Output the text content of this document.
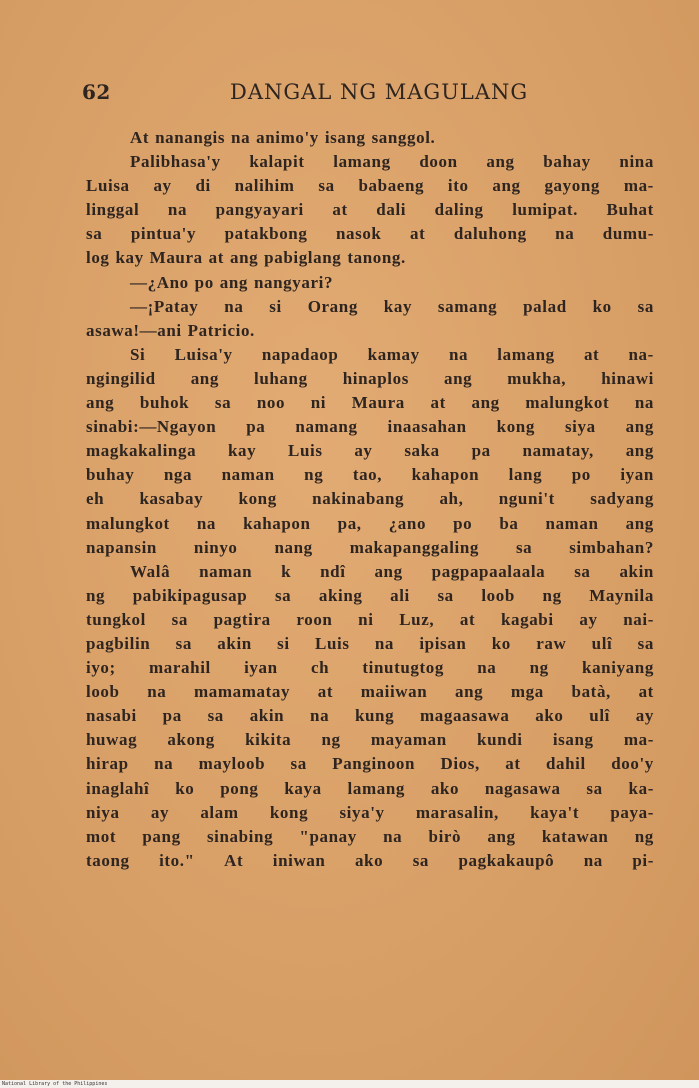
62	DANGAL NG MAGULANG
At nanangis na animo'y isang sanggol.
Palibhasa'y kalapit lamang doon ang bahay nina
Luisa ay di nalihim sa babaeng ito ang gayong ma-
linggal na pangyayari at dali daling lumipat. Buhat
sa pintua'y patakbong nasok at daluhong na dumu-
log kay Maura at ang pabiglang tanong.
—¿Ano po ang nangyari?
—¡Patay na si Orang kay samang palad ko sa
asawa!—ani Patricio.
Si Luisa'y napadaop kamay na lamang at na-
ngingilid ang luhang hinaplos ang mukha, hinawi
ang buhok sa noo ni Maura at ang malungkot na
sinabi:—Ngayon pa namang inaasahan kong siya ang
magkakalinga kay Luis ay saka pa namatay, ang
buhay nga naman ng tao, kahapon lang po iyan
eh kasabay kong nakinabang ah, nguni't sadyang
malungkot na kahapon pa, ¿ano po ba naman ang
napansin ninyo nang makapanggaling sa simbahan?
Walâ naman k ndî ang pagpapaalaala sa akin
ng pabikipagusap sa aking ali sa loob ng Maynila
tungkol sa pagtira roon ni Luz, at kagabi ay nai-
pagbilin sa akin si Luis na ipisan ko raw ulî sa
iyo; marahil iyan ch tinutugtog na ng kaniyang
loob na mamamatay at maiiwan ang mga batà, at
nasabi pa sa akin na kung magaasawa ako ulî ay
huwag akong kikita ng mayaman kundi isang ma-
hirap na mayloob sa Panginoon Dios, at dahil doo'y
inaglahî ko pong kaya lamang ako nagasawa sa ka-
niya ay alam kong siya'y marasalin, kaya't paya-
mot pang sinabing "panay na birò ang katawan ng
taong ito." At iniwan ako sa pagkakaupô na pi-
National Library of the Philippines
